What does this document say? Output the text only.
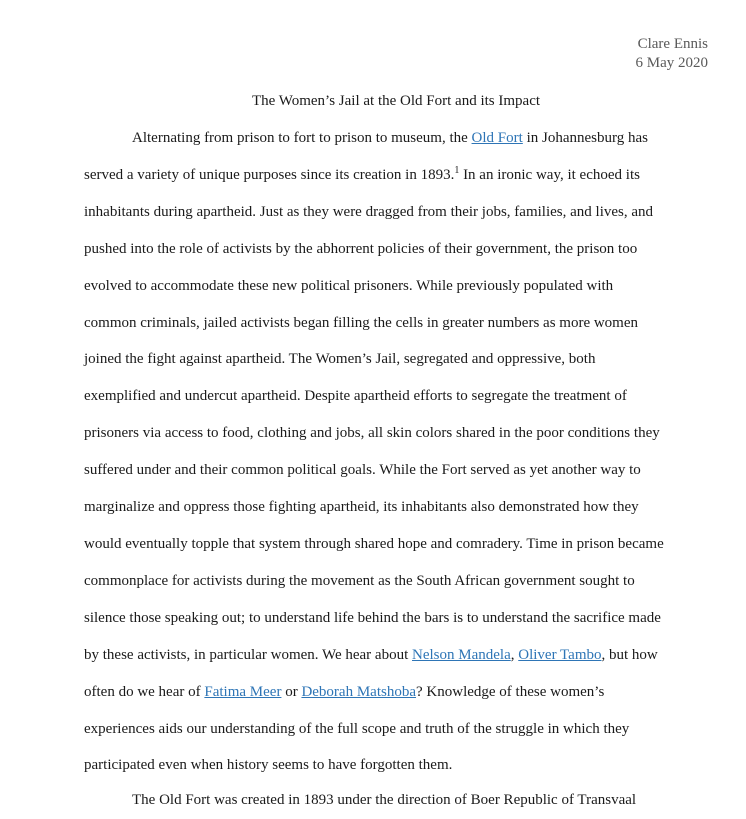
Clare Ennis
6 May 2020
The Women’s Jail at the Old Fort and its Impact
Alternating from prison to fort to prison to museum, the Old Fort in Johannesburg has
served a variety of unique purposes since its creation in 1893.$^1$ In an ironic way, it echoed its
inhabitants during apartheid. Just as they were dragged from their jobs, families, and lives, and
pushed into the role of activists by the abhorrent policies of their government, the prison too
evolved to accommodate these new political prisoners. While previously populated with
common criminals, jailed activists began filling the cells in greater numbers as more women
joined the fight against apartheid. The Women’s Jail, segregated and oppressive, both
exemplified and undercut apartheid. Despite apartheid efforts to segregate the treatment of
prisoners via access to food, clothing and jobs, all skin colors shared in the poor conditions they
suffered under and their common political goals. While the Fort served as yet another way to
marginalize and oppress those fighting apartheid, its inhabitants also demonstrated how they
would eventually topple that system through shared hope and comradery. Time in prison became
commonplace for activists during the movement as the South African government sought to
silence those speaking out; to understand life behind the bars is to understand the sacrifice made
by these activists, in particular women. We hear about Nelson Mandela, Oliver Tambo, but how
often do we hear of Fatima Meer or Deborah Matshoba? Knowledge of these women’s
experiences aids our understanding of the full scope and truth of the struggle in which they
participated even when history seems to have forgotten them.
The Old Fort was created in 1893 under the direction of Boer Republic of Transvaal
